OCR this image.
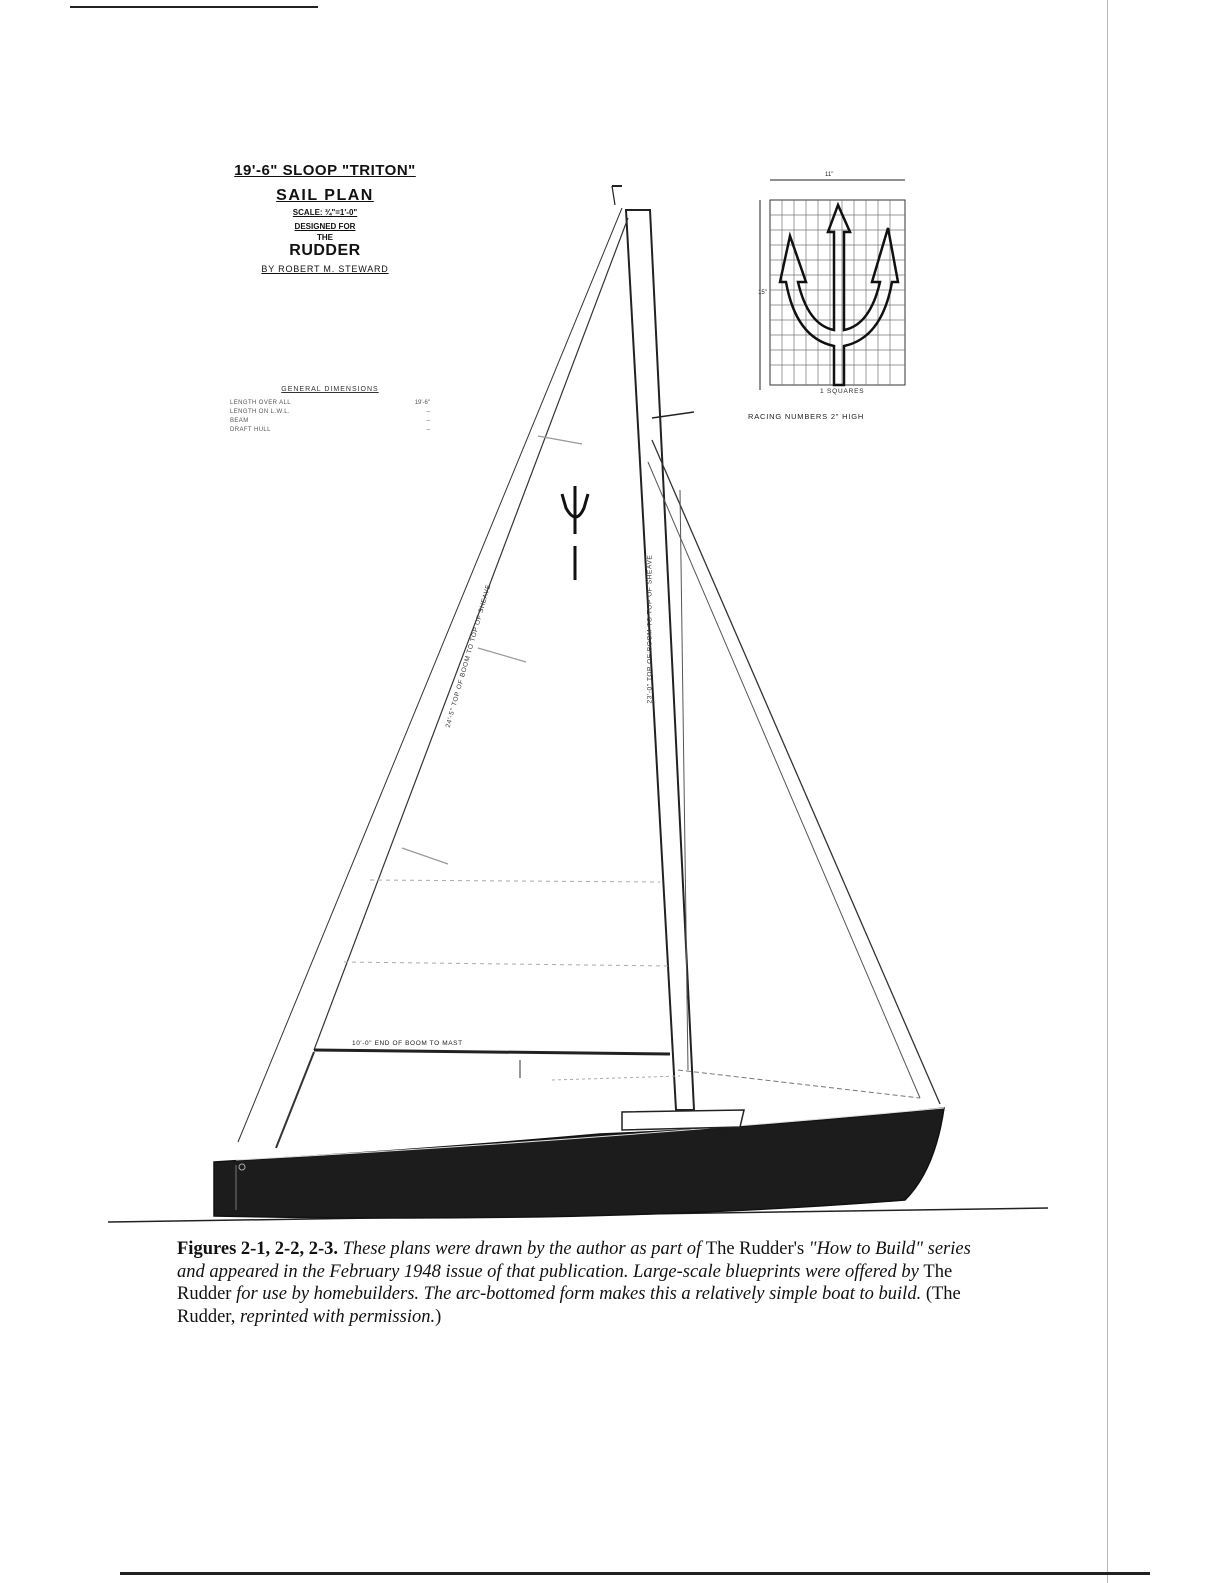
19'-6" SLOOP "TRITON"
SAIL PLAN
SCALE: ¾"=1'-0"
DESIGNED FOR
THE
RUDDER
BY ROBERT M. STEWARD
GENERAL DIMENSIONS
LENGTH OVER ALL	19'-6"
LENGTH ON L.W.L.	–
BEAM	–
DRAFT HULL	–
11"
15"
1 SQUARES
RACING NUMBERS 2" HIGH
10'-0" END OF BOOM TO MAST
24'-5" TOP OF BOOM TO TOP OF SHEAVE	23'-0" TOP OF BOOM TO TOP OF SHEAVE
Figures 2-1, 2-2, 2-3. These plans were drawn by the author as part of The Rudder's "How to Build" series and appeared in the February 1948 issue of that publication. Large-scale blueprints were offered by The Rudder for use by homebuilders. The arc-bottomed form makes this a relatively simple boat to build. (The Rudder, reprinted with permission.)
